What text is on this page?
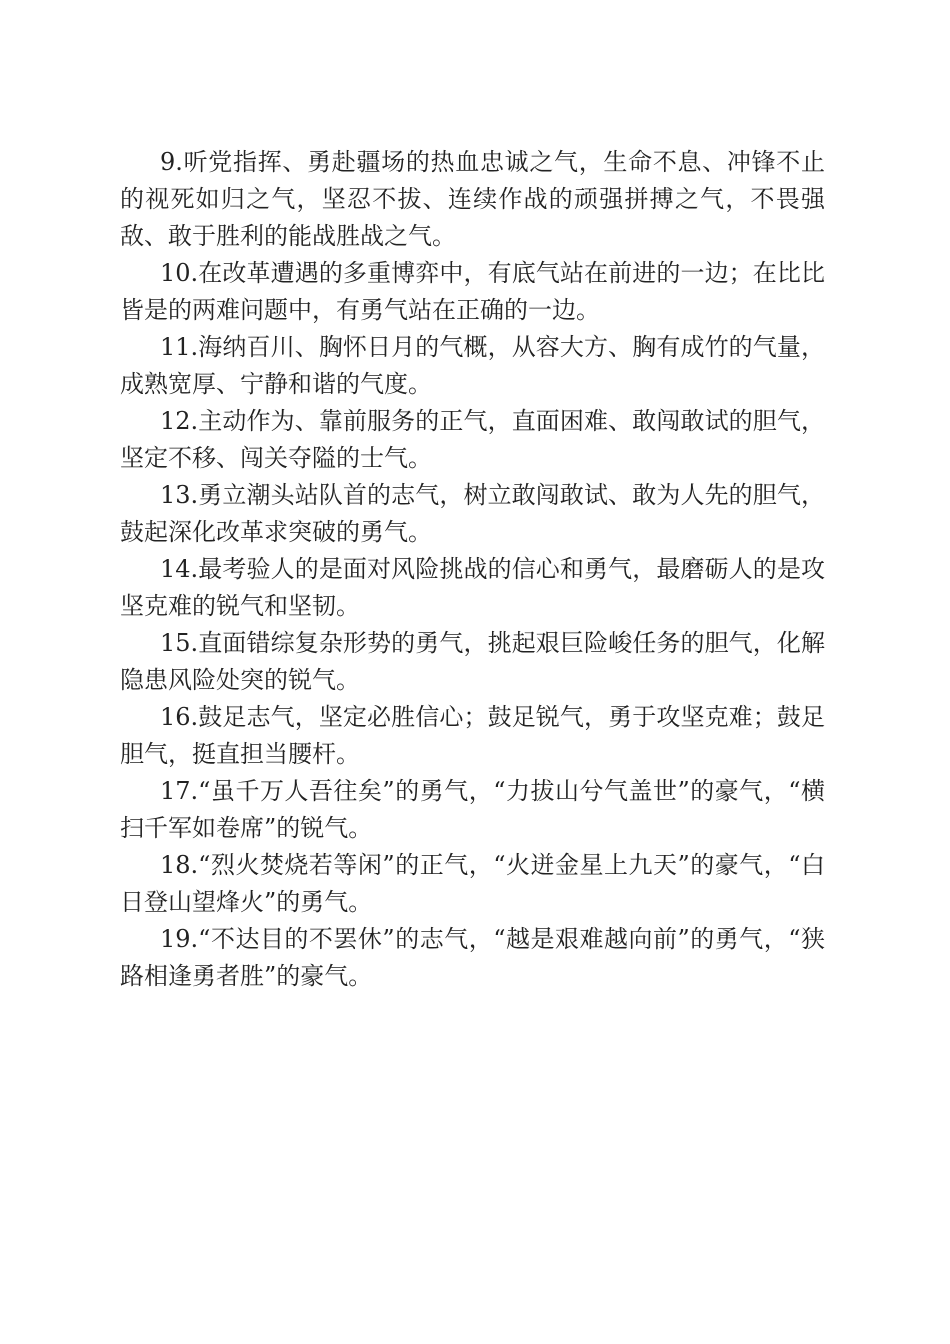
9.听党指挥、勇赴疆场的热血忠诚之气，生命不息、冲锋不止的视死如归之气，坚忍不拔、连续作战的顽强拼搏之气，不畏强敌、敢于胜利的能战胜战之气。

10.在改革遭遇的多重博弈中，有底气站在前进的一边；在比比皆是的两难问题中，有勇气站在正确的一边。

11.海纳百川、胸怀日月的气概，从容大方、胸有成竹的气量，成熟宽厚、宁静和谐的气度。

12.主动作为、靠前服务的正气，直面困难、敢闯敢试的胆气，坚定不移、闯关夺隘的士气。

13.勇立潮头站队首的志气，树立敢闯敢试、敢为人先的胆气，鼓起深化改革求突破的勇气。

14.最考验人的是面对风险挑战的信心和勇气，最磨砺人的是攻坚克难的锐气和坚韧。

15.直面错综复杂形势的勇气，挑起艰巨险峻任务的胆气，化解隐患风险处突的锐气。

16.鼓足志气，坚定必胜信心；鼓足锐气，勇于攻坚克难；鼓足胆气，挺直担当腰杆。

17.“虽千万人吾往矣”的勇气，“力拔山兮气盖世”的豪气，“横扫千军如卷席”的锐气。

18.“烈火焚烧若等闲”的正气，“火迸金星上九天”的豪气，“白日登山望烽火”的勇气。

19.“不达目的不罢休”的志气，“越是艰难越向前”的勇气，“狭路相逢勇者胜”的豪气。
